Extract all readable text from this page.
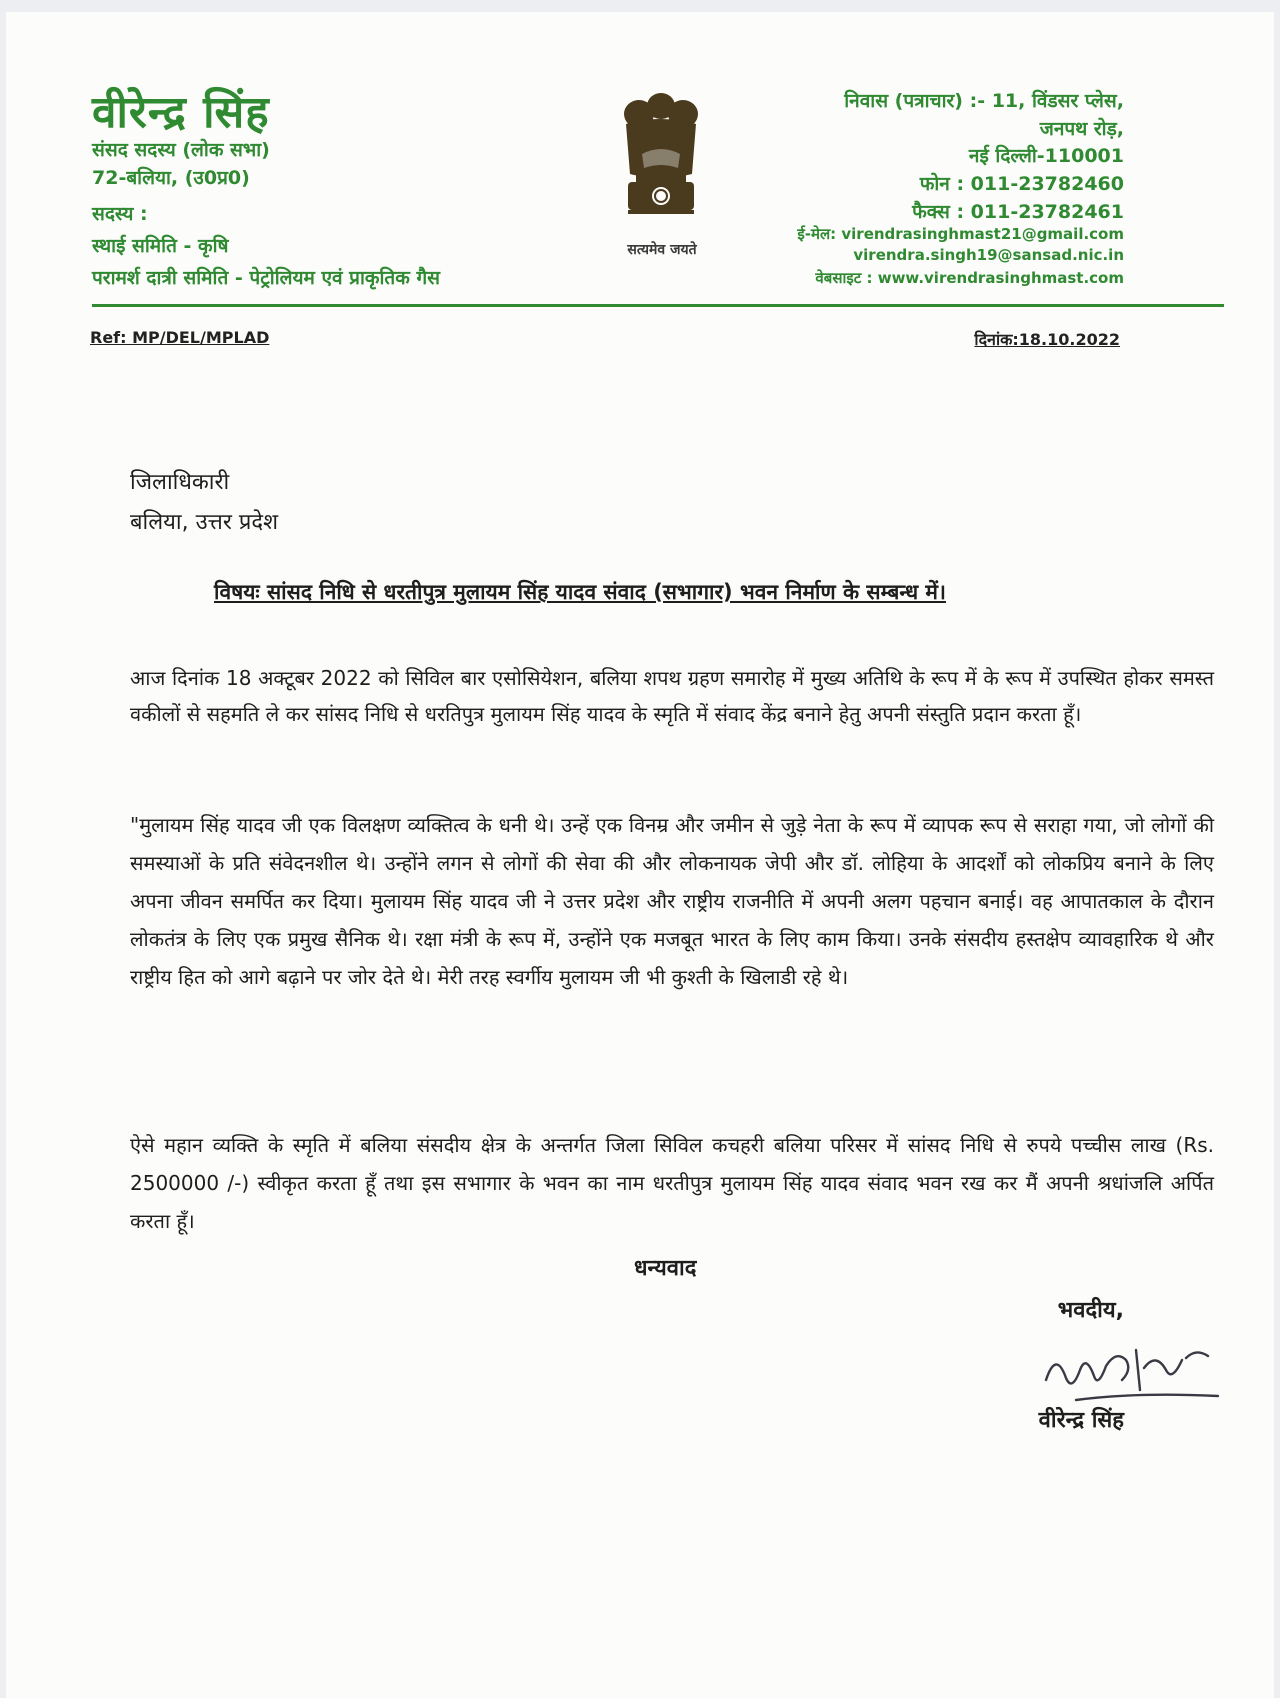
वीरेन्द्र सिंह
संसद सदस्य (लोक सभा)
72-बलिया, (उ0प्र0)
सदस्य :
स्थाई समिति - कृषि
परामर्श दात्री समिति - पेट्रोलियम एवं प्राकृतिक गैस
सत्यमेव जयते
निवास (पत्राचार) :- 11, विंडसर प्लेस,
जनपथ रोड़,
नई दिल्ली-110001
फोन : 011-23782460
फैक्स : 011-23782461
ई-मेल: virendrasinghmast21@gmail.com
virendra.singh19@sansad.nic.in
वेबसाइट : www.virendrasinghmast.com
Ref: MP/DEL/MPLAD	दिनांक:18.10.2022
जिलाधिकारी
बलिया, उत्तर प्रदेश
विषयः सांसद निधि से धरतीपुत्र मुलायम सिंह यादव संवाद (सभागार) भवन निर्माण के सम्बन्ध में।
आज दिनांक 18 अक्टूबर 2022 को सिविल बार एसोसियेशन, बलिया शपथ ग्रहण समारोह में मुख्य अतिथि के रूप में के रूप में उपस्थित होकर समस्त वकीलों से सहमति ले कर सांसद निधि से धरतिपुत्र मुलायम सिंह यादव के स्मृति में संवाद केंद्र बनाने हेतु अपनी संस्तुति प्रदान करता हूँ।
"मुलायम सिंह यादव जी एक विलक्षण व्यक्तित्व के धनी थे। उन्हें एक विनम्र और जमीन से जुड़े नेता के रूप में व्यापक रूप से सराहा गया, जो लोगों की समस्याओं के प्रति संवेदनशील थे। उन्होंने लगन से लोगों की सेवा की और लोकनायक जेपी और डॉ. लोहिया के आदर्शों को लोकप्रिय बनाने के लिए अपना जीवन समर्पित कर दिया। मुलायम सिंह यादव जी ने उत्तर प्रदेश और राष्ट्रीय राजनीति में अपनी अलग पहचान बनाई। वह आपातकाल के दौरान लोकतंत्र के लिए एक प्रमुख सैनिक थे। रक्षा मंत्री के रूप में, उन्होंने एक मजबूत भारत के लिए काम किया। उनके संसदीय हस्तक्षेप व्यावहारिक थे और राष्ट्रीय हित को आगे बढ़ाने पर जोर देते थे। मेरी तरह स्वर्गीय मुलायम जी भी कुश्ती के खिलाडी रहे थे।
ऐसे महान व्यक्ति के स्मृति में बलिया संसदीय क्षेत्र के अन्तर्गत जिला सिविल कचहरी बलिया परिसर में सांसद निधि से रुपये पच्चीस लाख (Rs. 2500000 /-) स्वीकृत करता हूँ तथा इस सभागार के भवन का नाम धरतीपुत्र मुलायम सिंह यादव संवाद भवन रख कर मैं अपनी श्रधांजलि अर्पित करता हूँ।
धन्यवाद
भवदीय,
वीरेन्द्र सिंह
